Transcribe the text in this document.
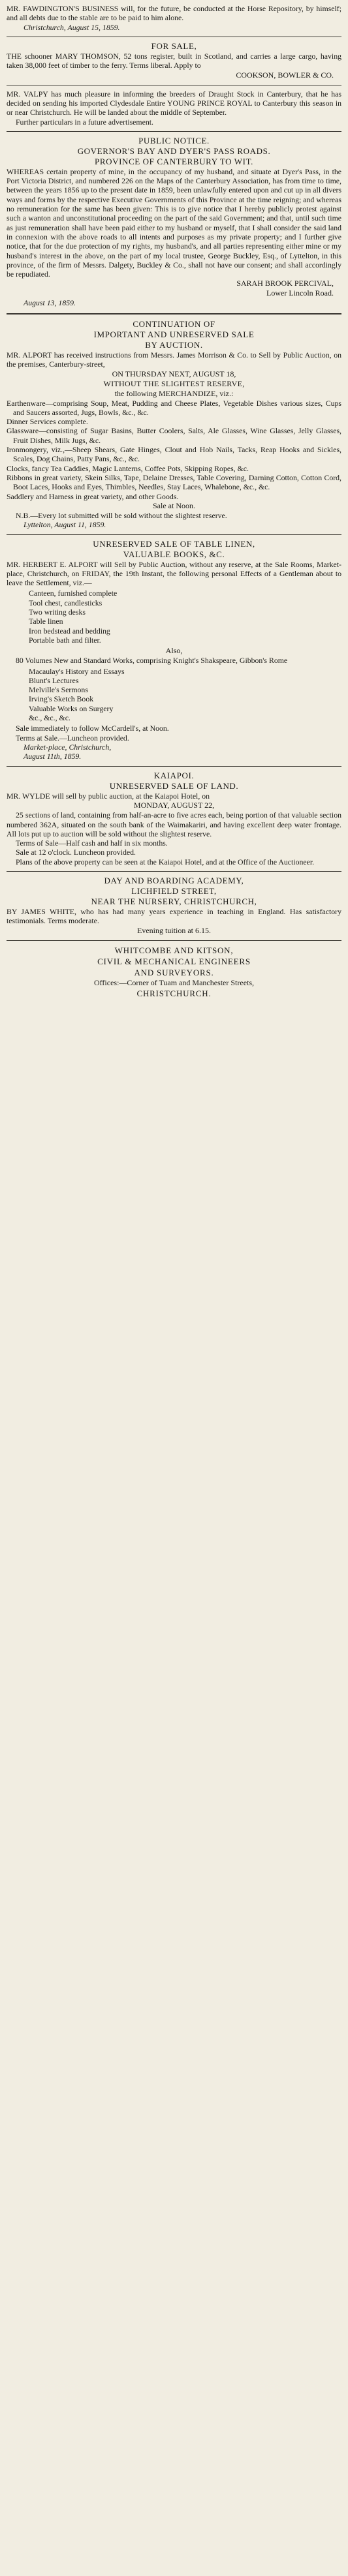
MR. FAWDINGTON'S BUSINESS will, for the future, be conducted at the Horse Repository, by himself; and all debts due to the stable are to be paid to him alone.

Christchurch, August 15, 1859.

FOR SALE,

THE schooner MARY THOMSON, 52 tons register, built in Scotland, and carries a large cargo, having taken 38,000 feet of timber to the ferry. Terms liberal. Apply to

COOKSON, BOWLER & CO.

MR. VALPY has much pleasure in informing the breeders of Draught Stock in Canterbury, that he has decided on sending his imported Clydesdale Entire YOUNG PRINCE ROYAL to Canterbury this season in or near Christchurch. He will be landed about the middle of September.

Further particulars in a future advertisement.

PUBLIC NOTICE.

GOVERNOR'S BAY AND DYER'S PASS ROADS.

PROVINCE OF CANTERBURY TO WIT.

WHEREAS certain property of mine, in the occupancy of my husband, and situate at Dyer's Pass, in the Port Victoria District, and numbered 226 on the Maps of the Canterbury Association, has from time to time, between the years 1856 up to the present date in 1859, been unlawfully entered upon and cut up in all divers ways and forms by the respective Executive Governments of this Province at the time reigning; and whereas no remuneration for the same has been given: This is to give notice that I hereby publicly protest against such a wanton and unconstitutional proceeding on the part of the said Government; and that, until such time as just remuneration shall have been paid either to my husband or myself, that I shall consider the said land in connexion with the above roads to all intents and purposes as my private property; and I further give notice, that for the due protection of my rights, my husband's, and all parties representing either mine or my husband's interest in the above, on the part of my local trustee, George Buckley, Esq., of Lyttelton, in this province, of the firm of Messrs. Dalgety, Buckley & Co., shall not have our consent; and shall accordingly be repudiated.

SARAH BROOK PERCIVAL,

Lower Lincoln Road.

August 13, 1859.

CONTINUATION OF

IMPORTANT AND UNRESERVED SALE

BY AUCTION.

MR. ALPORT has received instructions from Messrs. James Morrison & Co. to Sell by Public Auction, on the premises, Canterbury-street,

ON THURSDAY NEXT, AUGUST 18,

WITHOUT THE SLIGHTEST RESERVE,

the following MERCHANDIZE, viz.:

Earthenware—comprising Soup, Meat, Pudding and Cheese Plates, Vegetable Dishes various sizes, Cups and Saucers assorted, Jugs, Bowls, &c., &c.

Dinner Services complete.

Glassware—consisting of Sugar Basins, Butter Coolers, Salts, Ale Glasses, Wine Glasses, Jelly Glasses, Fruit Dishes, Milk Jugs, &c.

Ironmongery, viz.,—Sheep Shears, Gate Hinges, Clout and Hob Nails, Tacks, Reap Hooks and Sickles, Scales, Dog Chains, Patty Pans, &c., &c.

Clocks, fancy Tea Caddies, Magic Lanterns, Coffee Pots, Skipping Ropes, &c.

Ribbons in great variety, Skein Silks, Tape, Delaine Dresses, Table Covering, Darning Cotton, Cotton Cord, Boot Laces, Hooks and Eyes, Thimbles, Needles, Stay Laces, Whalebone, &c., &c.

Saddlery and Harness in great variety, and other Goods.

Sale at Noon.

N.B.—Every lot submitted will be sold without the slightest reserve.

Lyttelton, August 11, 1859.

UNRESERVED SALE OF TABLE LINEN,

VALUABLE BOOKS, &C.

MR. HERBERT E. ALPORT will Sell by Public Auction, without any reserve, at the Sale Rooms, Market-place, Christchurch, on FRIDAY, the 19th Instant, the following personal Effects of a Gentleman about to leave the Settlement, viz.—

Canteen, furnished complete
Tool chest, candlesticks
Two writing desks
Table linen
Iron bedstead and bedding
Portable bath and filter.

Also,

80 Volumes New and Standard Works, comprising Knight's Shakspeare, Gibbon's Rome

Macaulay's History and Essays
Blunt's Lectures
Melville's Sermons
Irving's Sketch Book
Valuable Works on Surgery
&c., &c., &c.

Sale immediately to follow McCardell's, at Noon.

Terms at Sale.—Luncheon provided.

Market-place, Christchurch,

August 11th, 1859.

KAIAPOI.

UNRESERVED SALE OF LAND.

MR. WYLDE will sell by public auction, at the Kaiapoi Hotel, on

MONDAY, AUGUST 22,

25 sections of land, containing from half-an-acre to five acres each, being portion of that valuable section numbered 362A, situated on the south bank of the Waimakariri, and having excellent deep water frontage. All lots put up to auction will be sold without the slightest reserve.

Terms of Sale—Half cash and half in six months.

Sale at 12 o'clock. Luncheon provided.

Plans of the above property can be seen at the Kaiapoi Hotel, and at the Office of the Auctioneer.

DAY AND BOARDING ACADEMY,

LICHFIELD STREET,

NEAR THE NURSERY, CHRISTCHURCH,

BY JAMES WHITE, who has had many years experience in teaching in England. Has satisfactory testimonials. Terms moderate.

Evening tuition at 6.15.

WHITCOMBE AND KITSON,

CIVIL & MECHANICAL ENGINEERS

AND SURVEYORS.

Offices:—Corner of Tuam and Manchester Streets,

CHRISTCHURCH.
